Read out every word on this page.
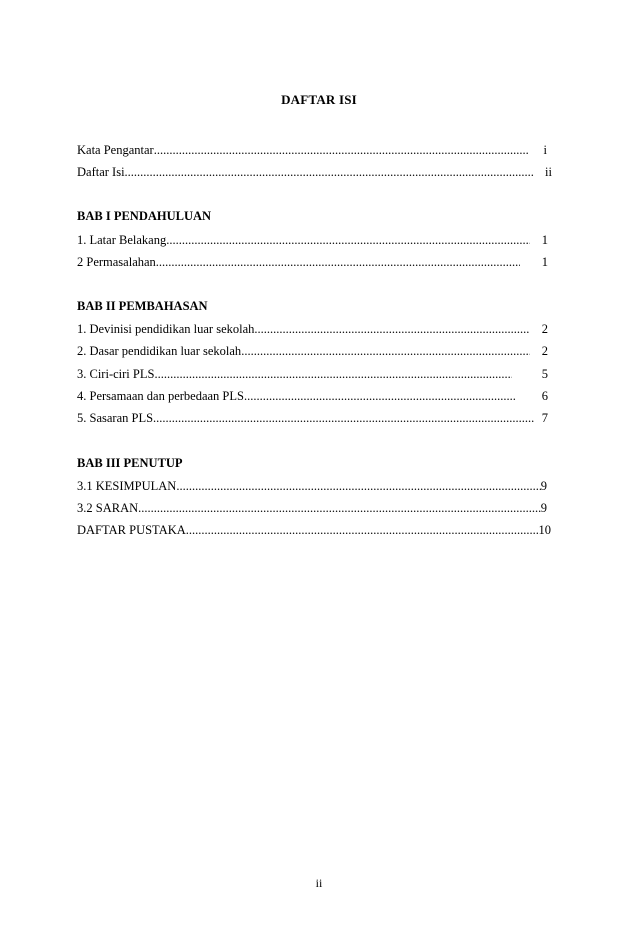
DAFTAR ISI
Kata Pengantar .....	i
Daftar Isi .....	ii
BAB I PENDAHULUAN
1. Latar Belakang .....	1
2 Permasalahan .....	1
BAB II PEMBAHASAN
1. Devinisi pendidikan luar sekolah .....	2
2. Dasar pendidikan luar sekolah .....	2
3. Ciri-ciri PLS .....	5
4. Persamaan dan perbedaan PLS .....	6
5. Sasaran PLS .....	7
BAB III PENUTUP
3.1 KESIMPULAN .....	9
3.2 SARAN .....	9
DAFTAR PUSTAKA .....	10
ii
